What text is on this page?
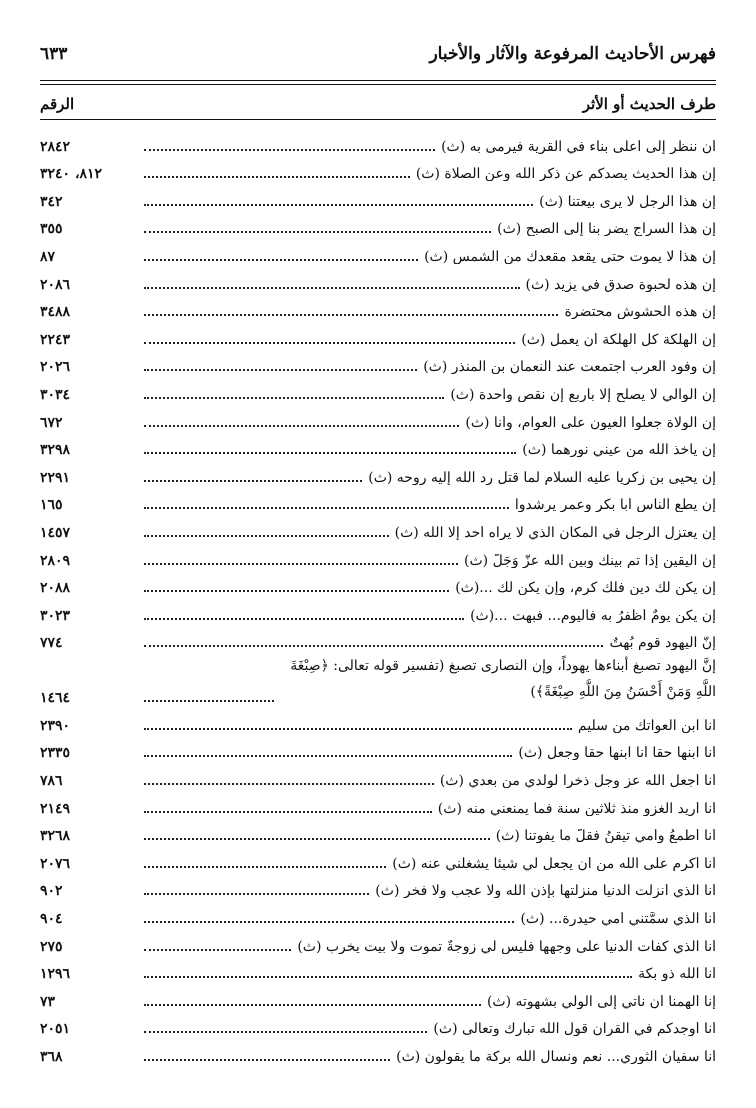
فهرس الأحاديث المرفوعة والآثار والأخبار
٦٣٣
طرف الحديث أو الأثر
الرقم
أن ننظر إلى أعلى بناء في القرية فيرمى به (ث)
٢٨٤٢
إن هذا الحديث يصدكم عن ذكر الله وعن الصلاة (ث)
٨١٢، ٣٢٤٠
إن هذا الرجل لا يرى بيعتنا (ث)
٣٤٢
إن هذا السراج يضر بنا إلى الصبح (ث)
٣٥٥
إن هذا لا يموت حتى يقعد مقعدك من الشمس (ث)
٨٧
إن هذه لحبوة صدق في يزيد (ث)
٢٠٨٦
إن هذه الحشوش محتضرة
٣٤٨٨
إن الهلكة كل الهلكة أن يعمل (ث)
٢٢٤٣
إن وفود العرب اجتمعت عند النعمان بن المنذر (ث)
٢٠٢٦
إن الوالي لا يصلح إلا بأربع إن نقص واحدة (ث)
٣٠٣٤
إن الولاة جعلوا العيون على العوام، وأنا (ث)
٦٧٢
إن يأخذ الله من عيني نورهما (ث)
٣٢٩٨
إن يحيى بن زكريا عليه السلام لما قتل رد الله إليه روحه (ث)
٢٢٩١
إن يطع الناس أبا بكر وعمر يرشدوا
١٦٥
إن يعتزل الرجل في المكان الذي لا يراه أحد إلا الله (ث)
١٤٥٧
إن اليقين إذا تم بينك وبين الله عزَّ وَجَلَّ (ث)
٢٨٠٩
إن يكن لك دين فلك كرم، وإن يكن لك ...(ث)
٢٠٨٨
إن يكن يومٌ أظفرُ به فاليوم... فبهت ...(ث)
٣٠٢٣
إنَّ اليهود قوم بُهتٌ
٧٧٤
إنَّ اليهود تصبغ أبناءها يهوداً، وإن النصارى تصبغ (تفسير قوله تعالى: ﴿صِبْغَةَ اللَّهِ وَمَنْ أَحْسَنُ مِنَ اللَّهِ صِبْغَةً﴾)
١٤٦٤
أنا ابن العواتك من سليم
٢٣٩٠
أنا ابنها حقاً أنا ابنها حقاً وجعل (ث)
٢٣٣٥
أنا أجعل الله عز وجل ذخراً لولدي من بعدي (ث)
٧٨٦
أنا أريد الغزو منذ ثلاثين سنة فما يمنعني منه (ث)
٢١٤٩
أنا أطمعُ وأُمي تيقنُ فقلّ ما يفوتنا (ث)
٣٢٦٨
أنا أكرم على الله من أن يجعل لي شيئاً يشغلني عنه (ث)
٢٠٧٦
أنا الذي أنزلت الدنيا منزلتها بإذن الله ولا عجب ولا فخر (ث)
٩٠٢
أنا الذي سمَّتني أُمي حيدرة... (ث)
٩٠٤
أنا الذي كفأت الدنيا على وجهها فليس لي زوجةٌ تموت ولا بيت يخرب (ث)
٢٧٥
أنا الله ذو بكة
١٢٩٦
إنا ألهمنا أن نأتي إلى الولي بشهوته (ث)
٧٣
أنا أوجدكم في القرآن قول الله تبارك وتعالى (ث)
٢٠٥١
أنا سفيان الثوري... نعم ونسأل الله بركة ما يقولون (ث)
٣٦٨
